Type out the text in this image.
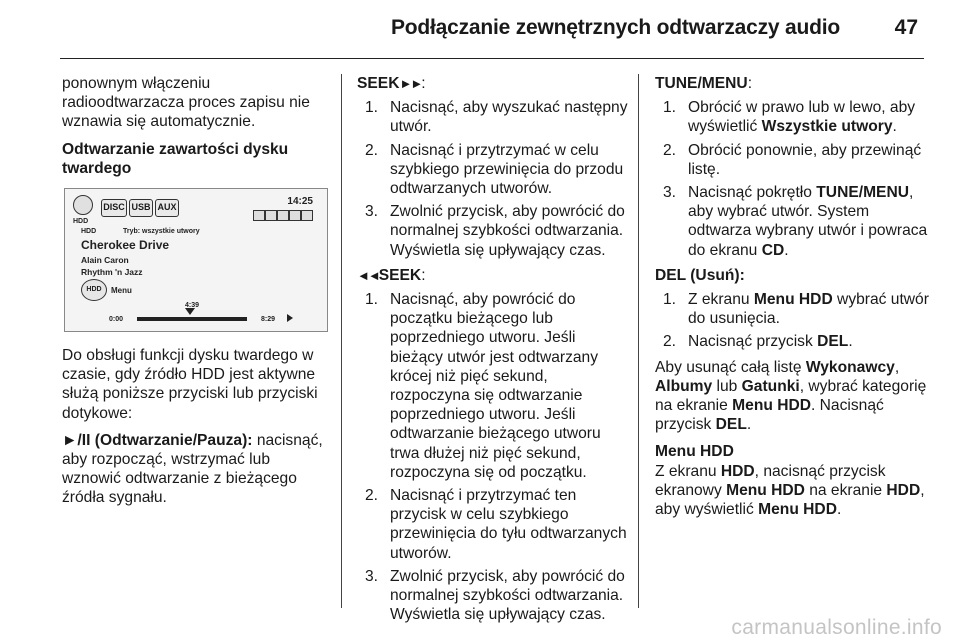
Podłączanie zewnętrznych odtwarzaczy audio	47

ponownym włączeniu radioodtwarzacza proces zapisu nie wznawia się automatycznie.

Odtwarzanie zawartości dysku twardego

HDD
DISC USB AUX
14:25
HDD	Tryb: wszystkie utwory
Cherokee Drive
Alain Caron
Rhythm 'n Jazz
HDD Menu
4:39
0:00	8:29

Do obsługi funkcji dysku twardego w czasie, gdy źródło HDD jest aktywne służą poniższe przyciski lub przyciski dotykowe:

►/II (Odtwarzanie/Pauza): nacisnąć, aby rozpocząć, wstrzymać lub wznowić odtwarzanie z bieżącego źródła sygnału.

SEEK►►:

1. Nacisnąć, aby wyszukać następny utwór.
2. Nacisnąć i przytrzymać w celu szybkiego przewinięcia do przodu odtwarzanych utworów.
3. Zwolnić przycisk, aby powrócić do normalnej szybkości odtwarzania. Wyświetla się upływający czas.

◄◄SEEK:

1. Nacisnąć, aby powrócić do początku bieżącego lub poprzedniego utworu. Jeśli bieżący utwór jest odtwarzany krócej niż pięć sekund, rozpoczyna się odtwarzanie poprzedniego utworu. Jeśli odtwarzanie bieżącego utworu trwa dłużej niż pięć sekund, rozpoczyna się od początku.
2. Nacisnąć i przytrzymać ten przycisk w celu szybkiego przewinięcia do tyłu odtwarzanych utworów.
3. Zwolnić przycisk, aby powrócić do normalnej szybkości odtwarzania. Wyświetla się upływający czas.

TUNE/MENU:

1. Obrócić w prawo lub w lewo, aby wyświetlić Wszystkie utwory.
2. Obrócić ponownie, aby przewinąć listę.
3. Nacisnąć pokrętło TUNE/MENU, aby wybrać utwór. System odtwarza wybrany utwór i powraca do ekranu CD.

DEL (Usuń):

1. Z ekranu Menu HDD wybrać utwór do usunięcia.
2. Nacisnąć przycisk DEL.

Aby usunąć całą listę Wykonawcy, Albumy lub Gatunki, wybrać kategorię na ekranie Menu HDD. Nacisnąć przycisk DEL.

Menu HDD

Z ekranu HDD, nacisnąć przycisk ekranowy Menu HDD na ekranie HDD, aby wyświetlić Menu HDD.

carmanualsonline.info
